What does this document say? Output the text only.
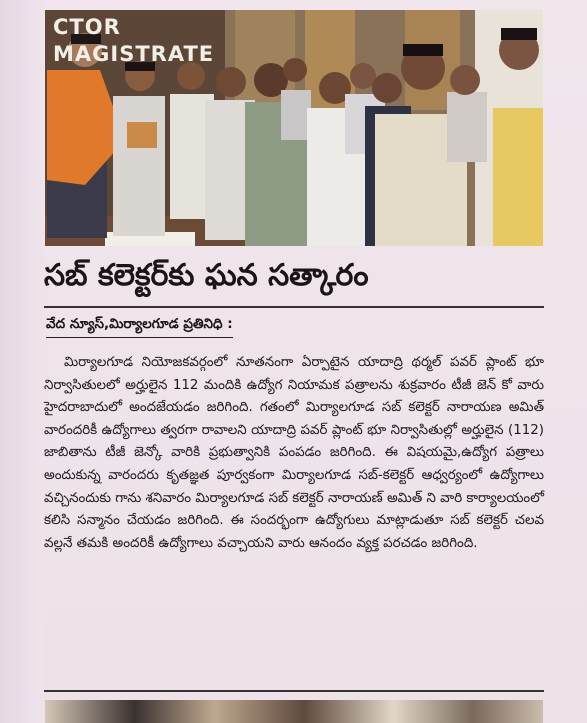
CTOR
MAGISTRATE
సబ్ కలెక్టర్‌కు ఘన సత్కారం
వేద న్యూస్,మిర్యాలగూడ ప్రతినిధి :

మిర్యాలగూడ నియోజకవర్గంలో నూతనంగా ఏర్పాటైన యాదాద్రి థర్మల్ పవర్ ప్లాంట్ భూ నిర్వాసితులలో అర్హులైన 112 మందికి ఉద్యోగ నియామక పత్రాలను శుక్రవారం టీజీ జెన్ కో వారు హైదరాబాదులో అందజేయడం జరిగింది. గతంలో మిర్యాలగూడ సబ్ కలెక్టర్ నారాయణ అమిత్ వారందరికీ ఉద్యోగాలు త్వరగా రావాలని యాదాద్రి పవర్ ప్లాంట్ భూ నిర్వాసితుల్లో అర్హులైన (112) జాబితాను టీజీ జెన్కో వారికి ప్రభుత్వానికి పంపడం జరిగింది. ఈ విషయమై,ఉద్యోగ పత్రాలు అందుకున్న వారందరు కృతజ్ఞత పూర్వకంగా మిర్యాలగూడ సబ్-కలెక్టర్ ఆధ్వర్యంలో ఉద్యోగాలు వచ్చినందుకు గాను శనివారం మిర్యాలగూడ సబ్ కలెక్టర్ నారాయణ్ అమిత్ ని వారి కార్యాలయంలో కలిసి సన్మానం చేయడం జరిగింది. ఈ సందర్భంగా ఉద్యోగులు మాట్లాడుతూ సబ్ కలెక్టర్ చలవ వల్లనే తమకి అందరికీ ఉద్యోగాలు వచ్చాయని వారు ఆనందం వ్యక్త పరచడం జరిగింది.
